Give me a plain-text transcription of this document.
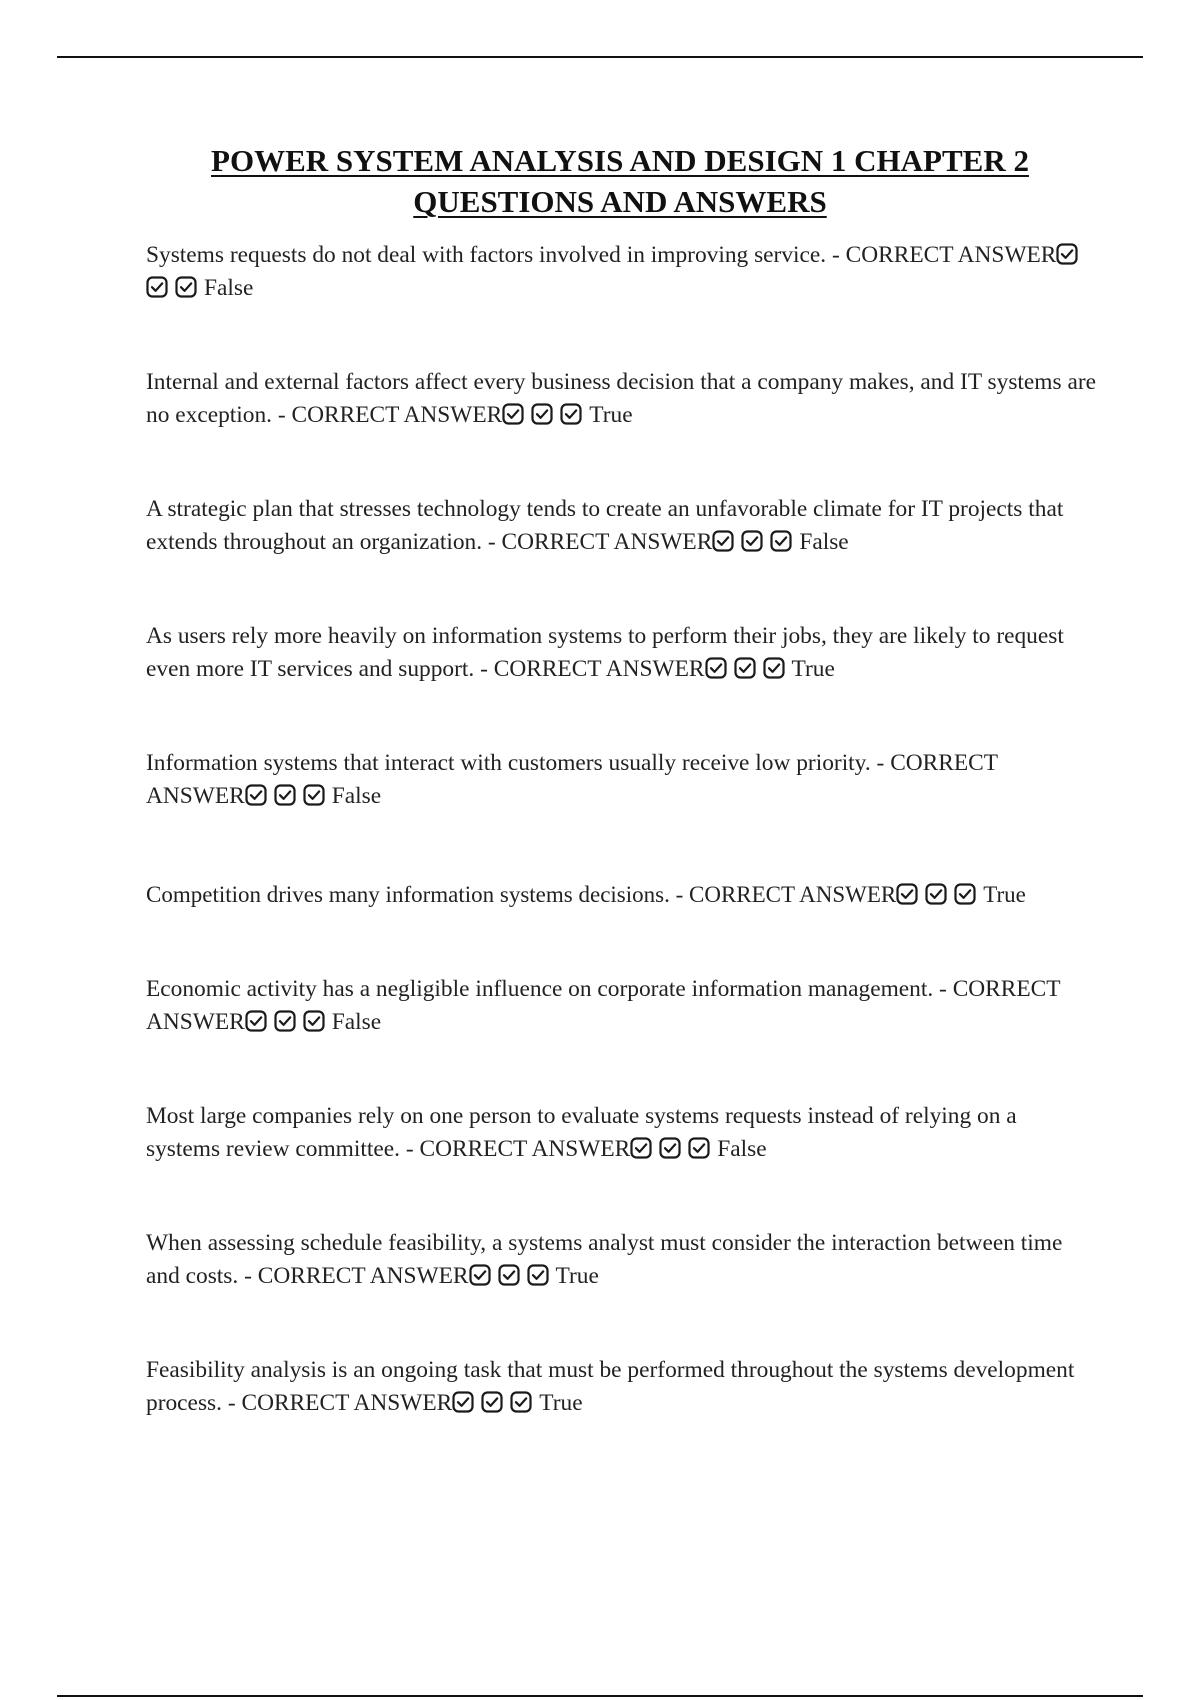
POWER SYSTEM ANALYSIS AND DESIGN 1 CHAPTER 2 QUESTIONS AND ANSWERS

Systems requests do not deal with factors involved in improving service. - CORRECT ANSWER
False

Internal and external factors affect every business decision that a company makes, and IT systems are no exception. - CORRECT ANSWER	True

A strategic plan that stresses technology tends to create an unfavorable climate for IT projects that extends throughout an organization. - CORRECT ANSWER	False

As users rely more heavily on information systems to perform their jobs, they are likely to request even more IT services and support. - CORRECT ANSWER	True

Information systems that interact with customers usually receive low priority. - CORRECT ANSWER	False

Competition drives many information systems decisions. - CORRECT ANSWER	True

Economic activity has a negligible influence on corporate information management. - CORRECT ANSWER	False

Most large companies rely on one person to evaluate systems requests instead of relying on a systems review committee. - CORRECT ANSWER	False

When assessing schedule feasibility, a systems analyst must consider the interaction between time and costs. - CORRECT ANSWER	True

Feasibility analysis is an ongoing task that must be performed throughout the systems development process. - CORRECT ANSWER	True
